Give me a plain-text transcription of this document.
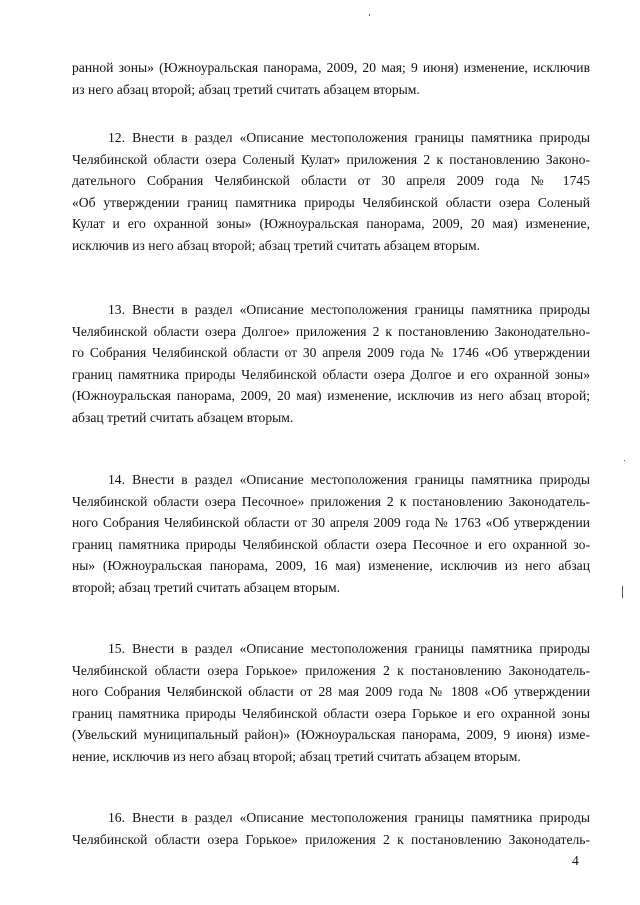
ранной зоны» (Южноуральская панорама, 2009, 20 мая; 9 июня) изменение, исключив
из него абзац второй; абзац третий считать абзацем вторым.
12. Внести в раздел «Описание местоположения границы памятника природы
Челябинской области озера Соленый Кулат» приложения 2 к постановлению Законо-
дательного Собрания Челябинской области от 30 апреля 2009 года № 1745
«Об утверждении границ памятника природы Челябинской области озера Соленый
Кулат и его охранной зоны» (Южноуральская панорама, 2009, 20 мая) изменение,
исключив из него абзац второй; абзац третий считать абзацем вторым.
13. Внести в раздел «Описание местоположения границы памятника природы
Челябинской области озера Долгое» приложения 2 к постановлению Законодательно-
го Собрания Челябинской области от 30 апреля 2009 года № 1746 «Об утверждении
границ памятника природы Челябинской области озера Долгое и его охранной зоны»
(Южноуральская панорама, 2009, 20 мая) изменение, исключив из него абзац второй;
абзац третий считать абзацем вторым.
14. Внести в раздел «Описание местоположения границы памятника природы
Челябинской области озера Песочное» приложения 2 к постановлению Законодатель-
ного Собрания Челябинской области от 30 апреля 2009 года № 1763 «Об утверждении
границ памятника природы Челябинской области озера Песочное и его охранной зо-
ны» (Южноуральская панорама, 2009, 16 мая) изменение, исключив из него абзац
второй; абзац третий считать абзацем вторым.
15. Внести в раздел «Описание местоположения границы памятника природы
Челябинской области озера Горькое» приложения 2 к постановлению Законодатель-
ного Собрания Челябинской области от 28 мая 2009 года № 1808 «Об утверждении
границ памятника природы Челябинской области озера Горькое и его охранной зоны
(Увельский муниципальный район)» (Южноуральская панорама, 2009, 9 июня) изме-
нение, исключив из него абзац второй; абзац третий считать абзацем вторым.
16. Внести в раздел «Описание местоположения границы памятника природы
Челябинской области озера Горькое» приложения 2 к постановлению Законодатель-
4
